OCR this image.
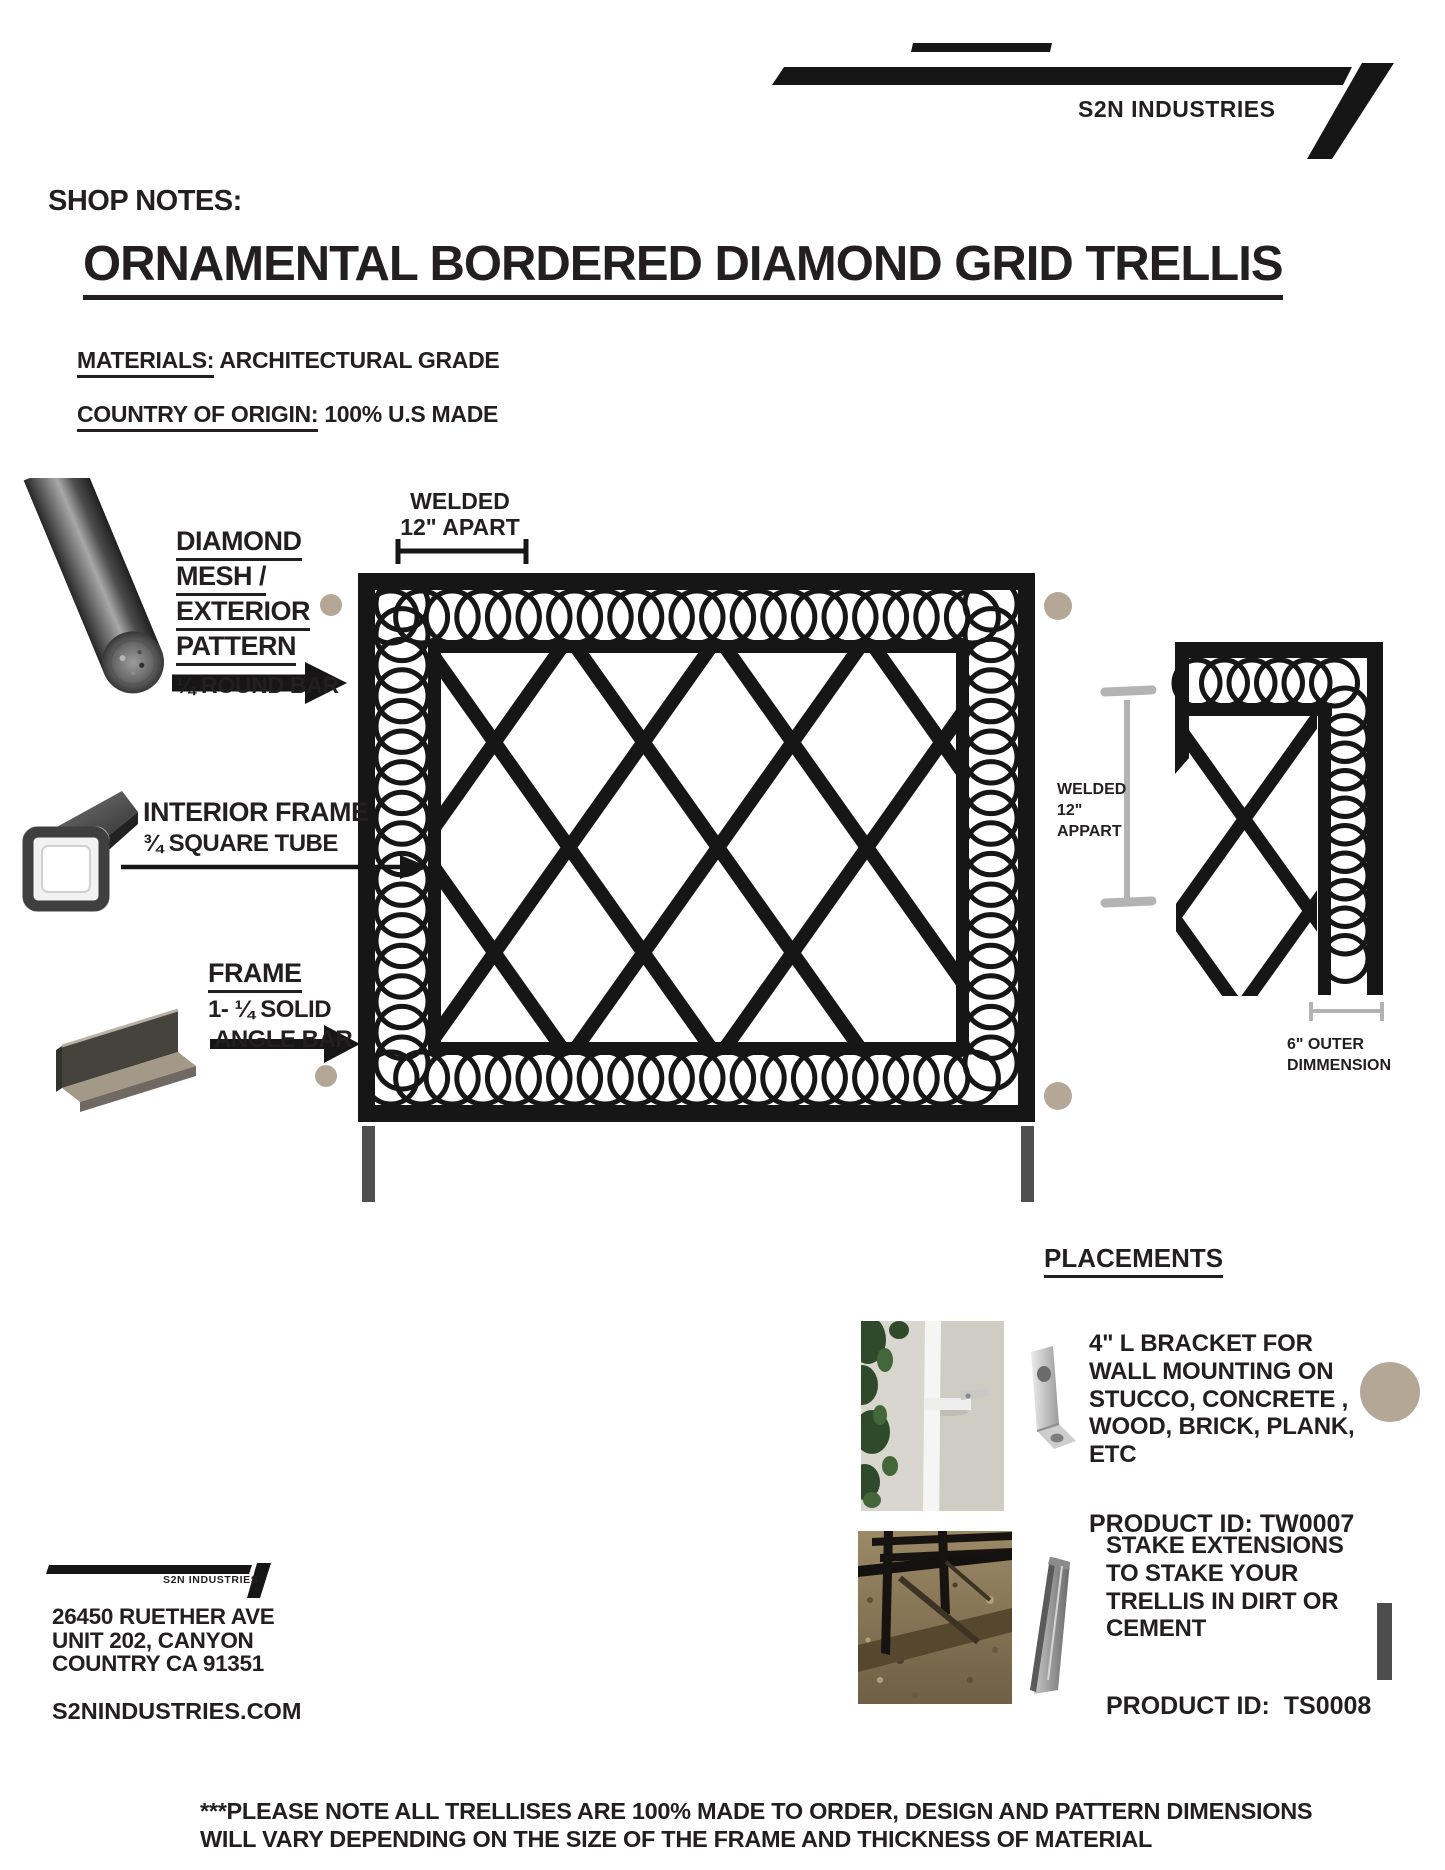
S2N INDUSTRIES
SHOP NOTES:
ORNAMENTAL BORDERED DIAMOND GRID TRELLIS
MATERIALS: ARCHITECTURAL GRADE
COUNTRY OF ORIGIN: 100% U.S MADE
DIAMOND
MESH /
EXTERIOR
PATTERN
¼ ROUND BAR
INTERIOR FRAME
¾ SQUARE TUBE
FRAME
1- ¼ SOLID
ANGLE BAR
WELDED
12" APART
WELDED
12"
APPART
6" OUTER
DIMMENSION
PLACEMENTS
4" L BRACKET FOR
WALL MOUNTING ON
STUCCO, CONCRETE ,
WOOD, BRICK, PLANK,
ETC
PRODUCT ID: TW0007
STAKE EXTENSIONS
TO STAKE YOUR
TRELLIS IN DIRT OR
CEMENT
PRODUCT ID:  TS0008
S2N INDUSTRIES
26450 RUETHER AVE
UNIT 202, CANYON
COUNTRY CA 91351
S2NINDUSTRIES.COM
***PLEASE NOTE ALL TRELLISES ARE 100% MADE TO ORDER, DESIGN AND PATTERN DIMENSIONS
WILL VARY DEPENDING ON THE SIZE OF THE FRAME AND THICKNESS OF MATERIAL
